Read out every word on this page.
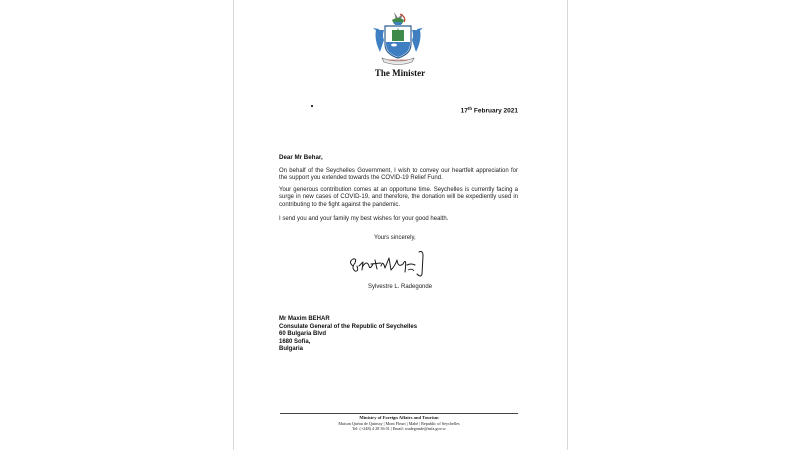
The Minister
17th February 2021
Dear Mr Behar,
On behalf of the Seychelles Government, I wish to convey our heartfelt appreciation for the support you extended towards the COVID-19 Relief Fund.
Your generous contribution comes at an opportune time. Seychelles is currently facing a surge in new cases of COVID-19, and therefore, the donation will be expediently used in contributing to the fight against the pandemic.
I send you and your family my best wishes for your good health.
Yours sincerely,
Sylvestre L. Radegonde
Mr Maxim BEHAR
Consulate General of the Republic of Seychelles
60 Bulgaria Blvd
1680 Sofia,
Bulgaria
Ministry of Foreign Affairs and Tourism
Maison Quéau de Quinssy | Mont Fleuri | Mahé | Republic of Seychelles
Tel: (+248) 4 28 36 01 | Email: sradegonde@mfa.gov.sc
